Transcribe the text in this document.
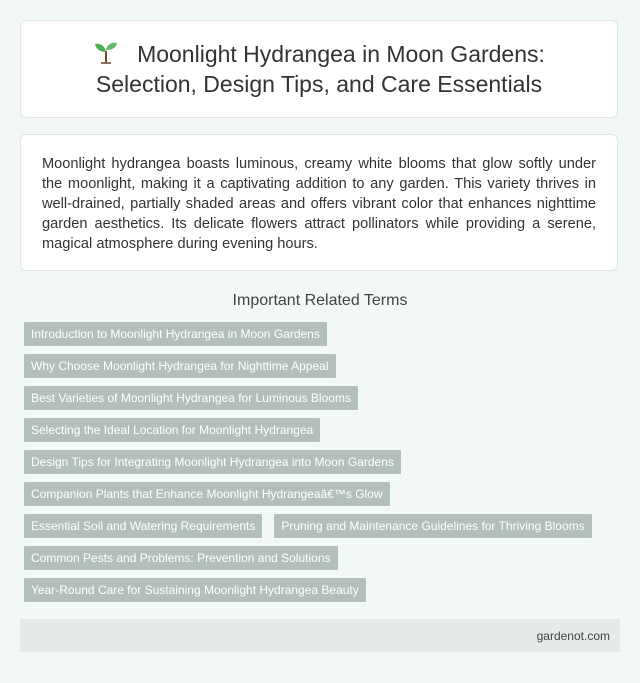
Moonlight Hydrangea in Moon Gardens: Selection, Design Tips, and Care Essentials

Moonlight hydrangea boasts luminous, creamy white blooms that glow softly under the moonlight, making it a captivating addition to any garden. This variety thrives in well-drained, partially shaded areas and offers vibrant color that enhances nighttime garden aesthetics. Its delicate flowers attract pollinators while providing a serene, magical atmosphere during evening hours.

Important Related Terms
Introduction to Moonlight Hydrangea in Moon Gardens
Why Choose Moonlight Hydrangea for Nighttime Appeal
Best Varieties of Moonlight Hydrangea for Luminous Blooms
Selecting the Ideal Location for Moonlight Hydrangea
Design Tips for Integrating Moonlight Hydrangea into Moon Gardens
Companion Plants that Enhance Moonlight Hydrangeaâ€™s Glow
Essential Soil and Watering Requirements	Pruning and Maintenance Guidelines for Thriving Blooms
Common Pests and Problems: Prevention and Solutions
Year-Round Care for Sustaining Moonlight Hydrangea Beauty
gardenot.com
